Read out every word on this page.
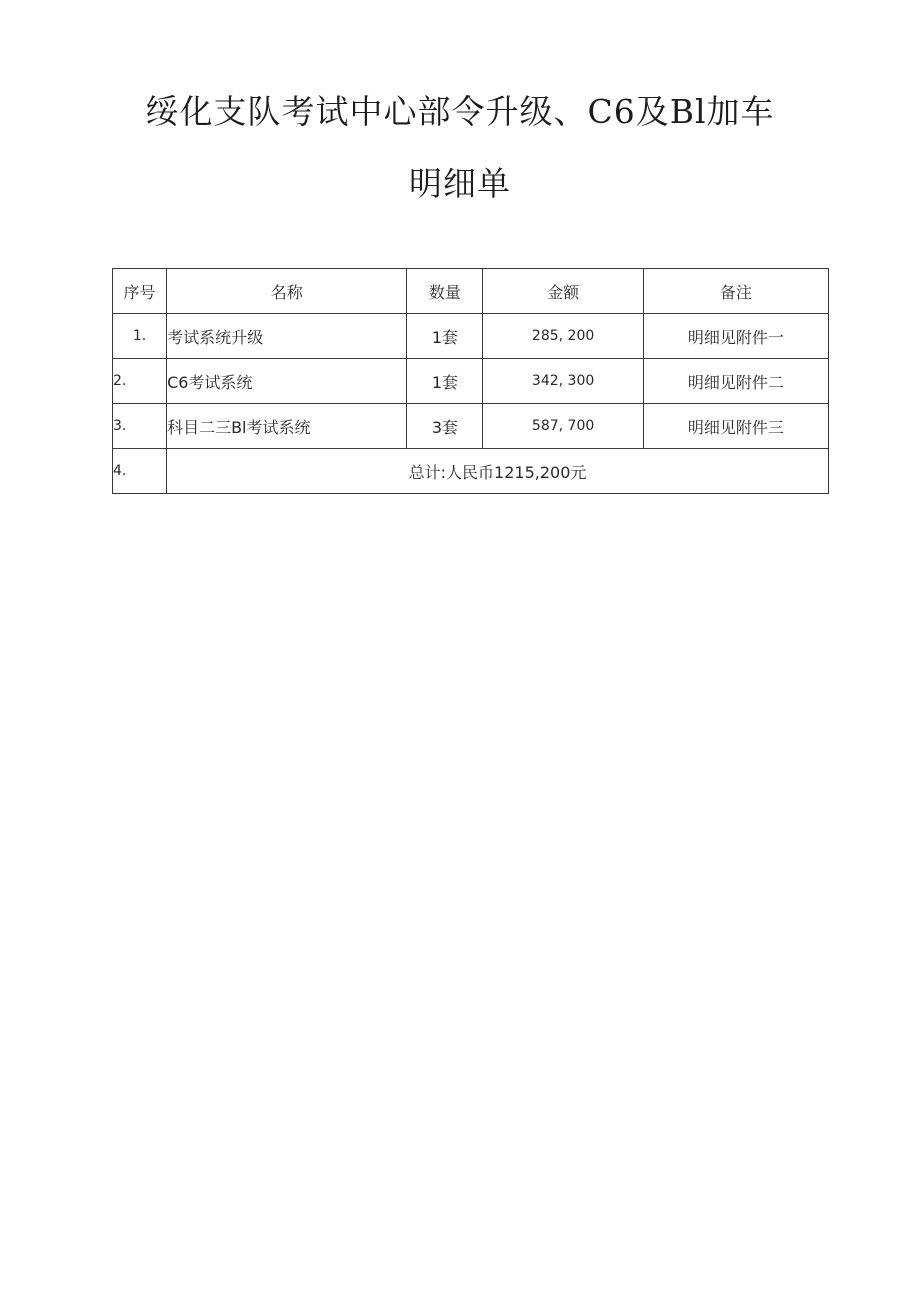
绥化支队考试中心部令升级、C6及Bl加车
明细单
序号	名称	数量	金额	备注
1.	考试系统升级	1套	285, 200	明细见附件一
2.	C6考试系统	1套	342, 300	明细见附件二
3.	科目二三Bl考试系统	3套	587, 700	明细见附件三
4.	总计:人民币1215,200元			
